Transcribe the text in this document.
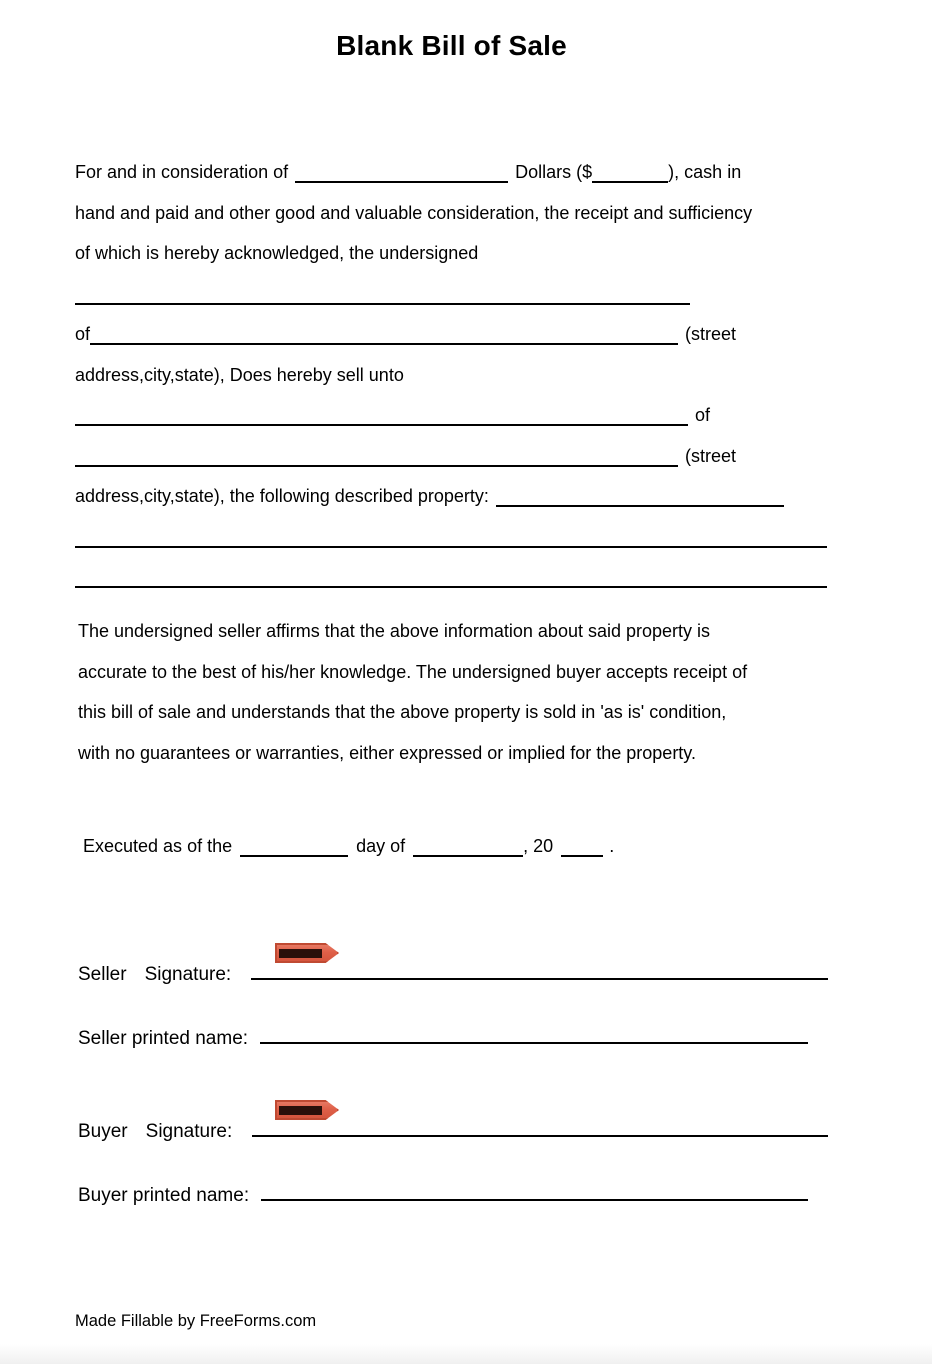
Blank Bill of Sale
For and in consideration of	Dollars ($	), cash in
hand and paid and other good and valuable consideration, the receipt and sufficiency
of which is hereby acknowledged, the undersigned
of	(street
address,city,state), Does hereby sell unto
of
(street
address,city,state), the following described property:
The undersigned seller affirms that the above information about said property is
accurate to the best of his/her knowledge. The undersigned buyer accepts receipt of
this bill of sale and understands that the above property is sold in 'as is' condition,
with no guarantees or warranties, either expressed or implied for the property.
Executed as of the	day of	, 20	.
Seller Signature:
Seller printed name:
Buyer Signature:
Buyer printed name:
Made Fillable by FreeForms.com
